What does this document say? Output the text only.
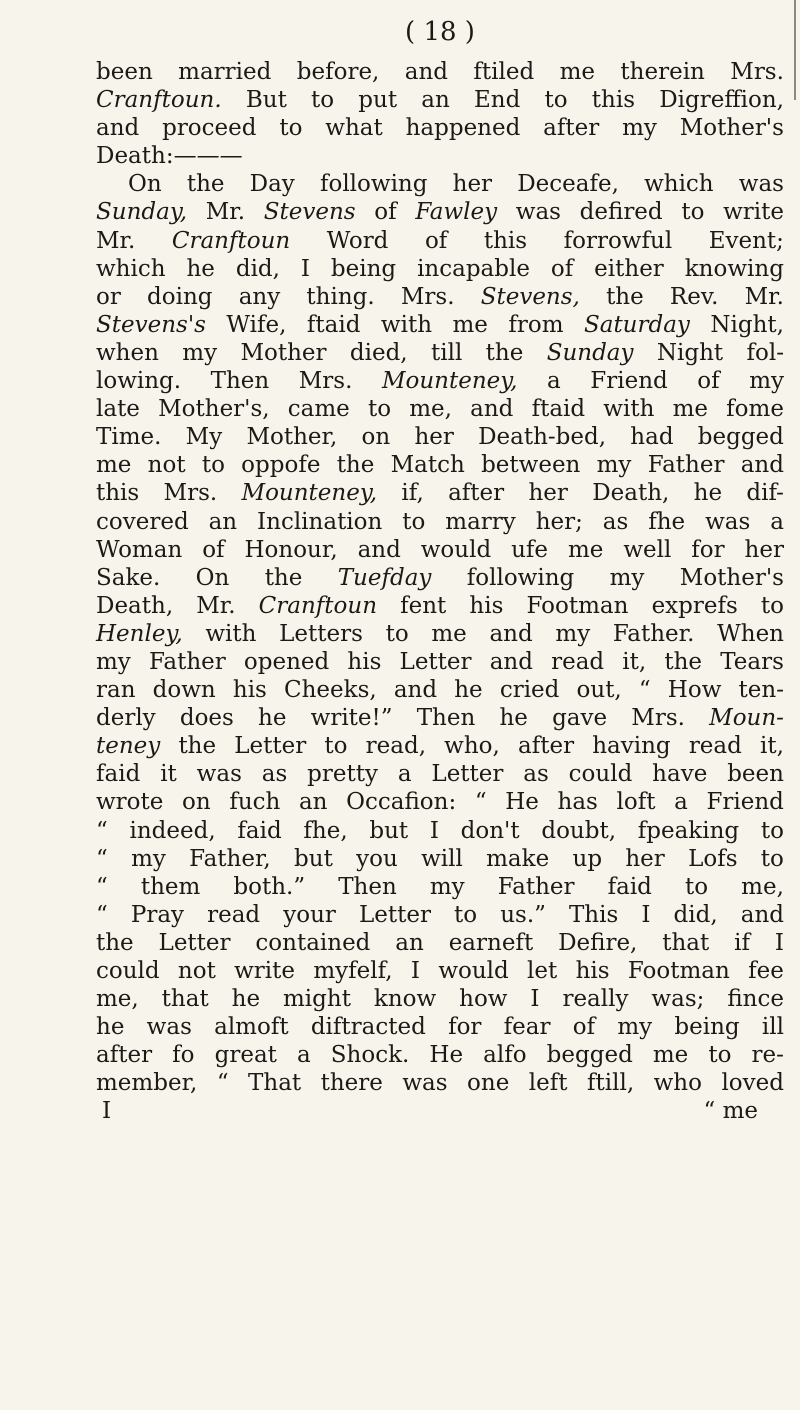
( 18 )
been married before, and ftiled me therein Mrs.
Cranftoun. But to put an End to this Digreffion,
and proceed to what happened after my Mother's
Death:———
On the Day following her Deceafe, which was
Sunday, Mr. Stevens of Fawley was defired to write
Mr. Cranftoun Word of this forrowful Event;
which he did, I being incapable of either knowing
or doing any thing. Mrs. Stevens, the Rev. Mr.
Stevens's Wife, ftaid with me from Saturday Night,
when my Mother died, till the Sunday Night fol-
lowing. Then Mrs. Mounteney, a Friend of my
late Mother's, came to me, and ftaid with me fome
Time. My Mother, on her Death-bed, had begged
me not to oppofe the Match between my Father and
this Mrs. Mounteney, if, after her Death, he dif-
covered an Inclination to marry her; as fhe was a
Woman of Honour, and would ufe me well for her
Sake. On the Tuefday following my Mother's
Death, Mr. Cranftoun fent his Footman exprefs to
Henley, with Letters to me and my Father. When
my Father opened his Letter and read it, the Tears
ran down his Cheeks, and he cried out, “ How ten-
derly does he write!” Then he gave Mrs. Moun-
teney the Letter to read, who, after having read it,
faid it was as pretty a Letter as could have been
wrote on fuch an Occafion: “ He has loft a Friend
“ indeed, faid fhe, but I don't doubt, fpeaking to
“ my Father, but you will make up her Lofs to
“ them both.” Then my Father faid to me,
“ Pray read your Letter to us.” This I did, and
the Letter contained an earneft Defire, that if I
could not write myfelf, I would let his Footman fee
me, that he might know how I really was; fince
he was almoft diftracted for fear of my being ill
after fo great a Shock. He alfo begged me to re-
member, “ That there was one left ftill, who loved
I	“ me
